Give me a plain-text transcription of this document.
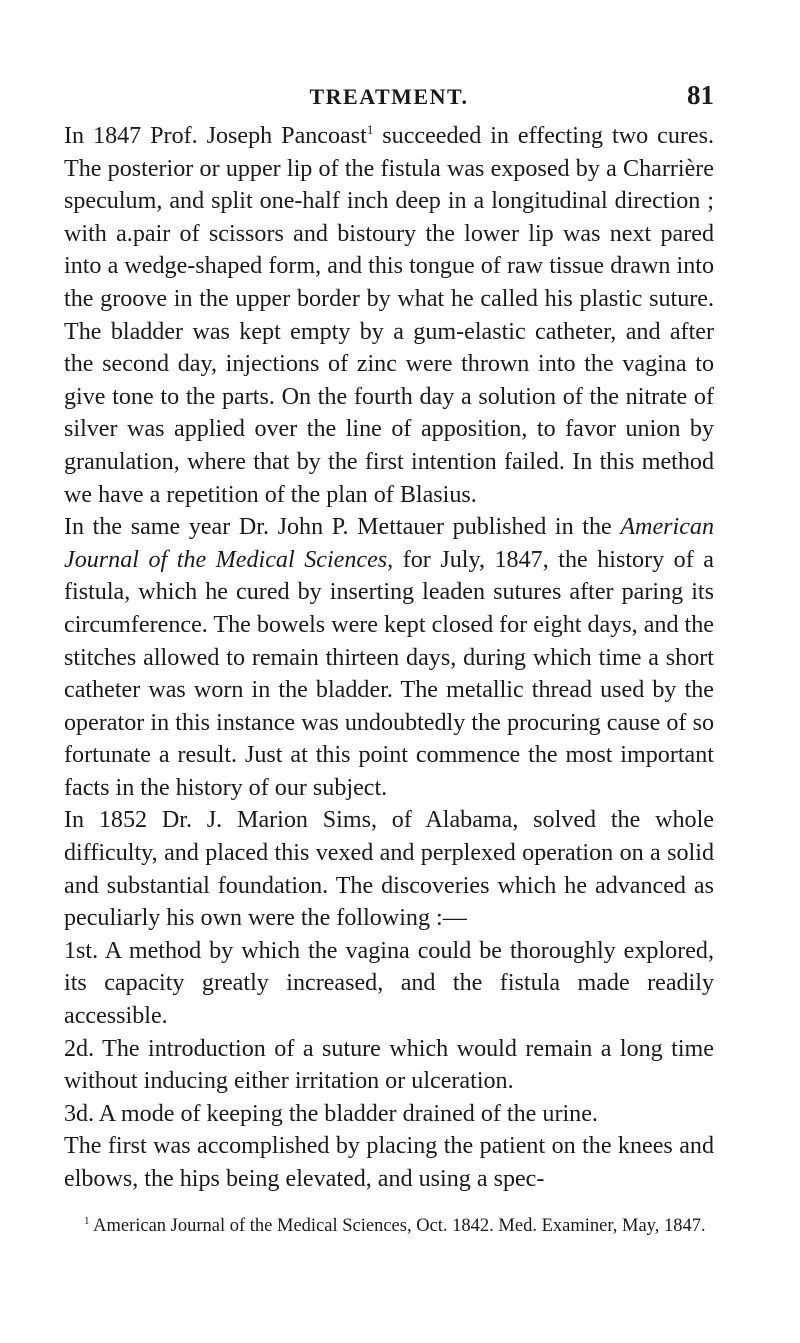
TREATMENT.	81

In 1847 Prof. Joseph Pancoast$^1$ succeeded in effecting two cures. The posterior or upper lip of the fistula was exposed by a Charrière speculum, and split one-half inch deep in a longitudinal direction ; with a.pair of scissors and bistoury the lower lip was next pared into a wedge-shaped form, and this tongue of raw tissue drawn into the groove in the upper border by what he called his plastic suture. The bladder was kept empty by a gum-elastic catheter, and after the second day, injections of zinc were thrown into the vagina to give tone to the parts. On the fourth day a solution of the nitrate of silver was applied over the line of apposition, to favor union by granulation, where that by the first intention failed. In this method we have a repetition of the plan of Blasius.

In the same year Dr. John P. Mettauer published in the American Journal of the Medical Sciences, for July, 1847, the history of a fistula, which he cured by inserting leaden sutures after paring its circumference. The bowels were kept closed for eight days, and the stitches allowed to remain thirteen days, during which time a short catheter was worn in the bladder. The metallic thread used by the operator in this instance was undoubtedly the procuring cause of so fortunate a result. Just at this point commence the most important facts in the history of our subject.

In 1852 Dr. J. Marion Sims, of Alabama, solved the whole difficulty, and placed this vexed and perplexed operation on a solid and substantial foundation. The discoveries which he advanced as peculiarly his own were the following :—

1st. A method by which the vagina could be thoroughly explored, its capacity greatly increased, and the fistula made readily accessible.

2d. The introduction of a suture which would remain a long time without inducing either irritation or ulceration.

3d. A mode of keeping the bladder drained of the urine.

The first was accomplished by placing the patient on the knees and elbows, the hips being elevated, and using a spec-

$^1$ American Journal of the Medical Sciences, Oct. 1842. Med. Examiner, May, 1847.
